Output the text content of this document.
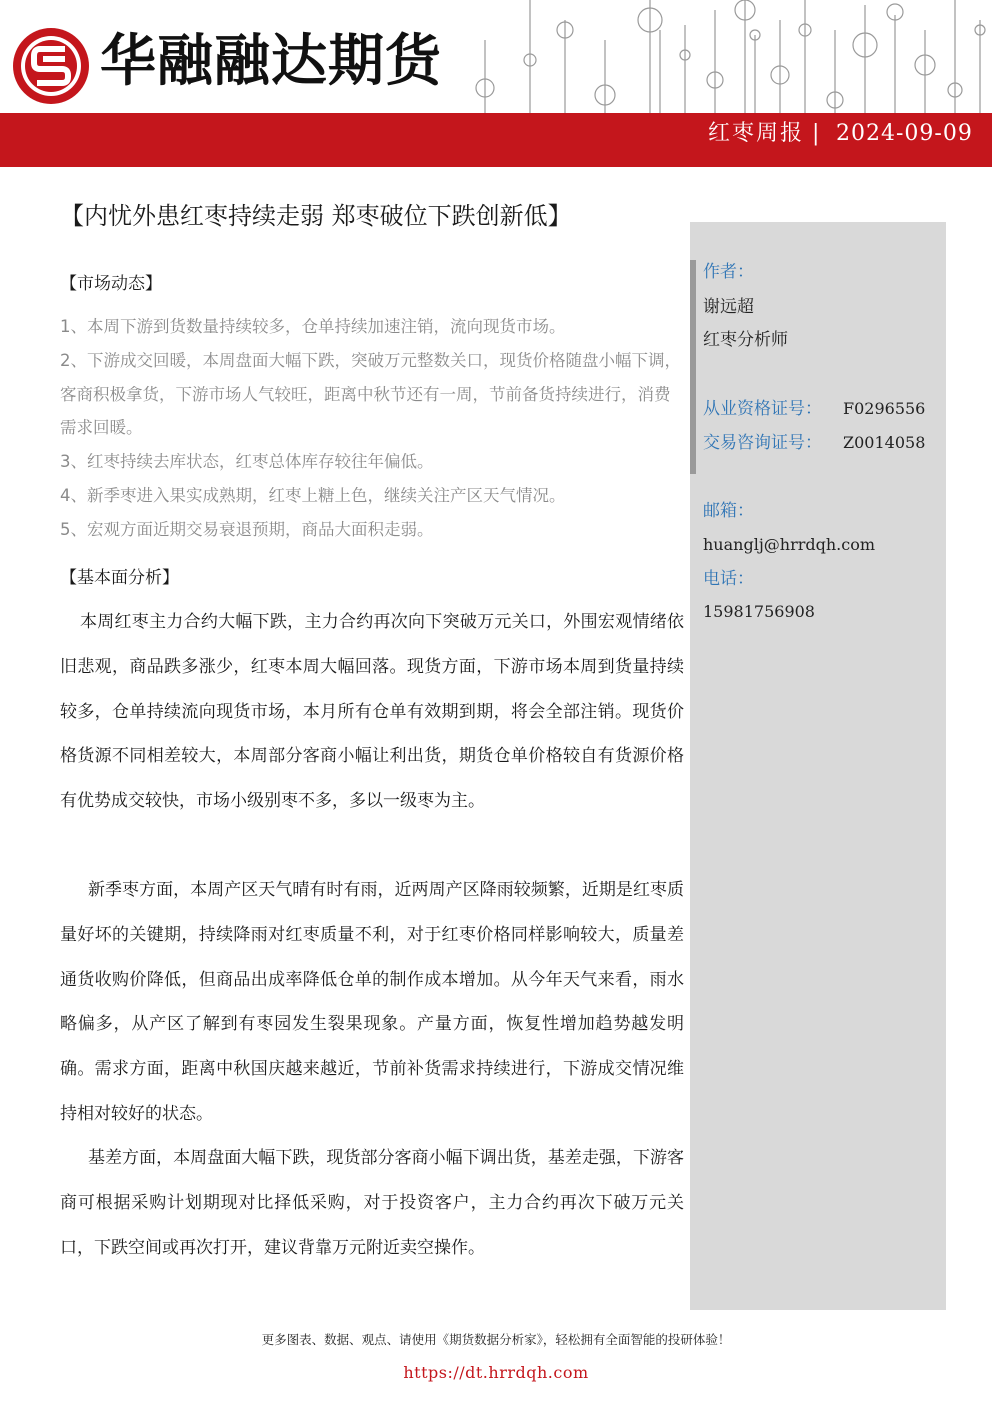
华融融达期货
红枣周报 | 2024-09-09
【内忧外患红枣持续走弱 郑枣破位下跌创新低】
作者：
谢远超
红枣分析师
从业资格证号： F0296556
交易咨询证号： Z0014058
邮箱：
huanglj@hrrdqh.com
电话：
15981756908
【市场动态】
1、本周下游到货数量持续较多，仓单持续加速注销，流向现货市场。
2、下游成交回暖，本周盘面大幅下跌，突破万元整数关口，现货价格随盘小幅下调，客商积极拿货，下游市场人气较旺，距离中秋节还有一周，节前备货持续进行，消费需求回暖。
3、红枣持续去库状态，红枣总体库存较往年偏低。
4、新季枣进入果实成熟期，红枣上糖上色，继续关注产区天气情况。
5、宏观方面近期交易衰退预期，商品大面积走弱。
【基本面分析】

本周红枣主力合约大幅下跌，主力合约再次向下突破万元关口，外围宏观情绪依旧悲观，商品跌多涨少，红枣本周大幅回落。现货方面，下游市场本周到货量持续较多，仓单持续流向现货市场，本月所有仓单有效期到期，将会全部注销。现货价格货源不同相差较大，本周部分客商小幅让利出货，期货仓单价格较自有货源价格有优势成交较快，市场小级别枣不多，多以一级枣为主。

新季枣方面，本周产区天气晴有时有雨，近两周产区降雨较频繁，近期是红枣质量好坏的关键期，持续降雨对红枣质量不利，对于红枣价格同样影响较大，质量差通货收购价降低，但商品出成率降低仓单的制作成本增加。从今年天气来看，雨水略偏多，从产区了解到有枣园发生裂果现象。产量方面，恢复性增加趋势越发明确。需求方面，距离中秋国庆越来越近，节前补货需求持续进行，下游成交情况维持相对较好的状态。

基差方面，本周盘面大幅下跌，现货部分客商小幅下调出货，基差走强，下游客商可根据采购计划期现对比择低采购，对于投资客户，主力合约再次下破万元关口，下跌空间或再次打开，建议背靠万元附近卖空操作。

更多图表、数据、观点、请使用《期货数据分析家》，轻松拥有全面智能的投研体验！
https://dt.hrrdqh.com
